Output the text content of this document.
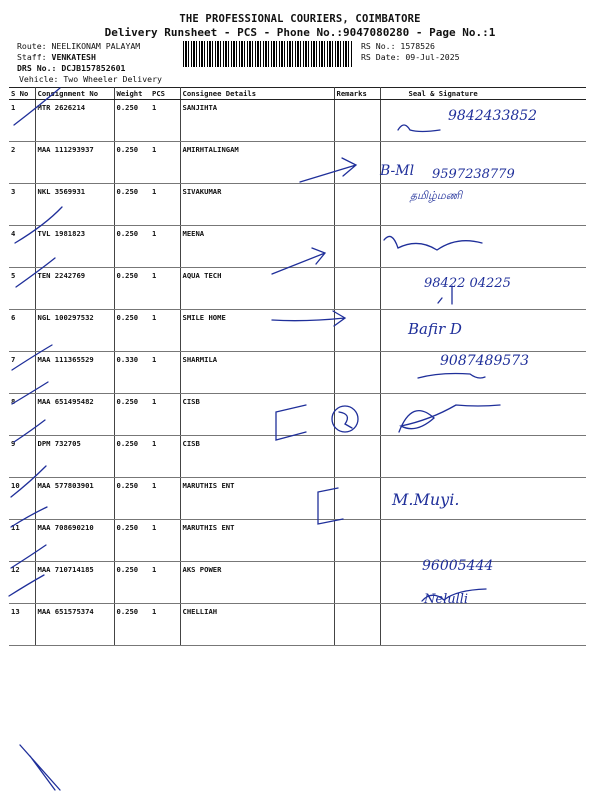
THE PROFESSIONAL COURIERS, COIMBATORE
Delivery Runsheet - PCS - Phone No.:9047080280 - Page No.:1
Route: NEELIKONAM PALAYAM
Staff: VENKATESH
DRS No.: DCJB157852601
Vehicle: Two Wheeler Delivery
RS No.: 1578526
RS Date: 09-Jul-2025
S No	Consignment No	Weight	PCS	Consignee Details	Remarks	Seal & Signature
1	MTR 2626214	0.250	1	SANJIHTA		
2	MAA 111293937	0.250	1	AMIRHTALINGAM		
3	NKL 3569931	0.250	1	SIVAKUMAR		
4	TVL 1981823	0.250	1	MEENA		
5	TEN 2242769	0.250	1	AQUA TECH		
6	NGL 100297532	0.250	1	SMILE HOME		
7	MAA 111365529	0.330	1	SHARMILA		
8	MAA 651495482	0.250	1	CISB		
9	DPM 732705	0.250	1	CISB		
10	MAA 577803901	0.250	1	MARUTHIS ENT		
11	MAA 708690210	0.250	1	MARUTHIS ENT		
12	MAA 710714185	0.250	1	AKS POWER		
13	MAA 651575374	0.250	1	CHELLIAH		
9842433852
B-Ml 9597238779
தமிழ்மணி
98422 04225
Bafir D
9087489573
M.Muyi.
96005444
Nelulli
